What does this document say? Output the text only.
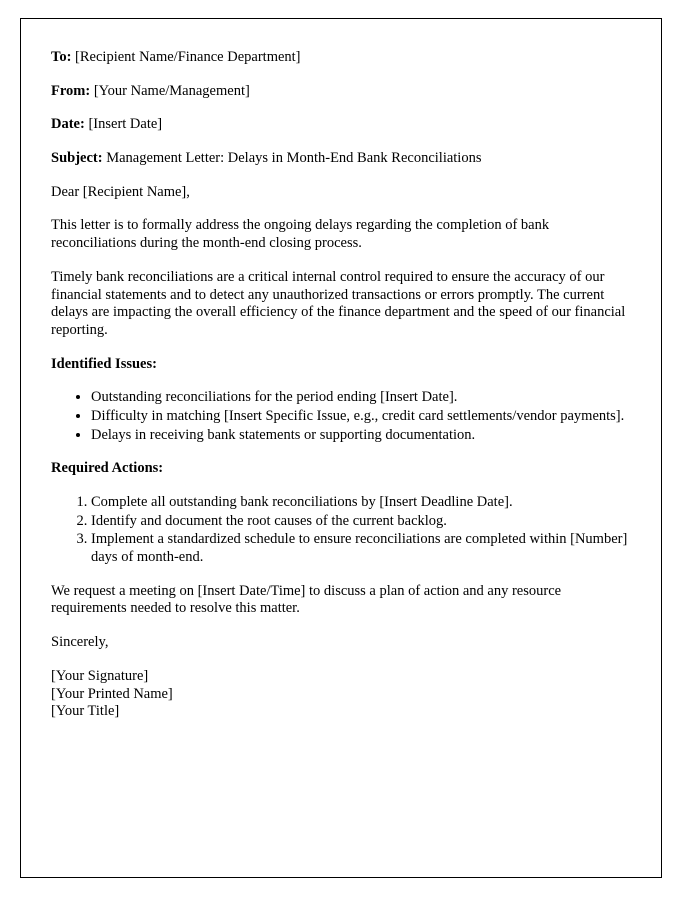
To: [Recipient Name/Finance Department]

From: [Your Name/Management]

Date: [Insert Date]

Subject: Management Letter: Delays in Month-End Bank Reconciliations

Dear [Recipient Name],

This letter is to formally address the ongoing delays regarding the completion of bank reconciliations during the month-end closing process.

Timely bank reconciliations are a critical internal control required to ensure the accuracy of our financial statements and to detect any unauthorized transactions or errors promptly. The current delays are impacting the overall efficiency of the finance department and the speed of our financial reporting.

Identified Issues:

• Outstanding reconciliations for the period ending [Insert Date].
• Difficulty in matching [Insert Specific Issue, e.g., credit card settlements/vendor payments].
• Delays in receiving bank statements or supporting documentation.

Required Actions:

1. Complete all outstanding bank reconciliations by [Insert Deadline Date].
2. Identify and document the root causes of the current backlog.
3. Implement a standardized schedule to ensure reconciliations are completed within [Number] days of month-end.

We request a meeting on [Insert Date/Time] to discuss a plan of action and any resource requirements needed to resolve this matter.

Sincerely,

[Your Signature]

[Your Printed Name]

[Your Title]
